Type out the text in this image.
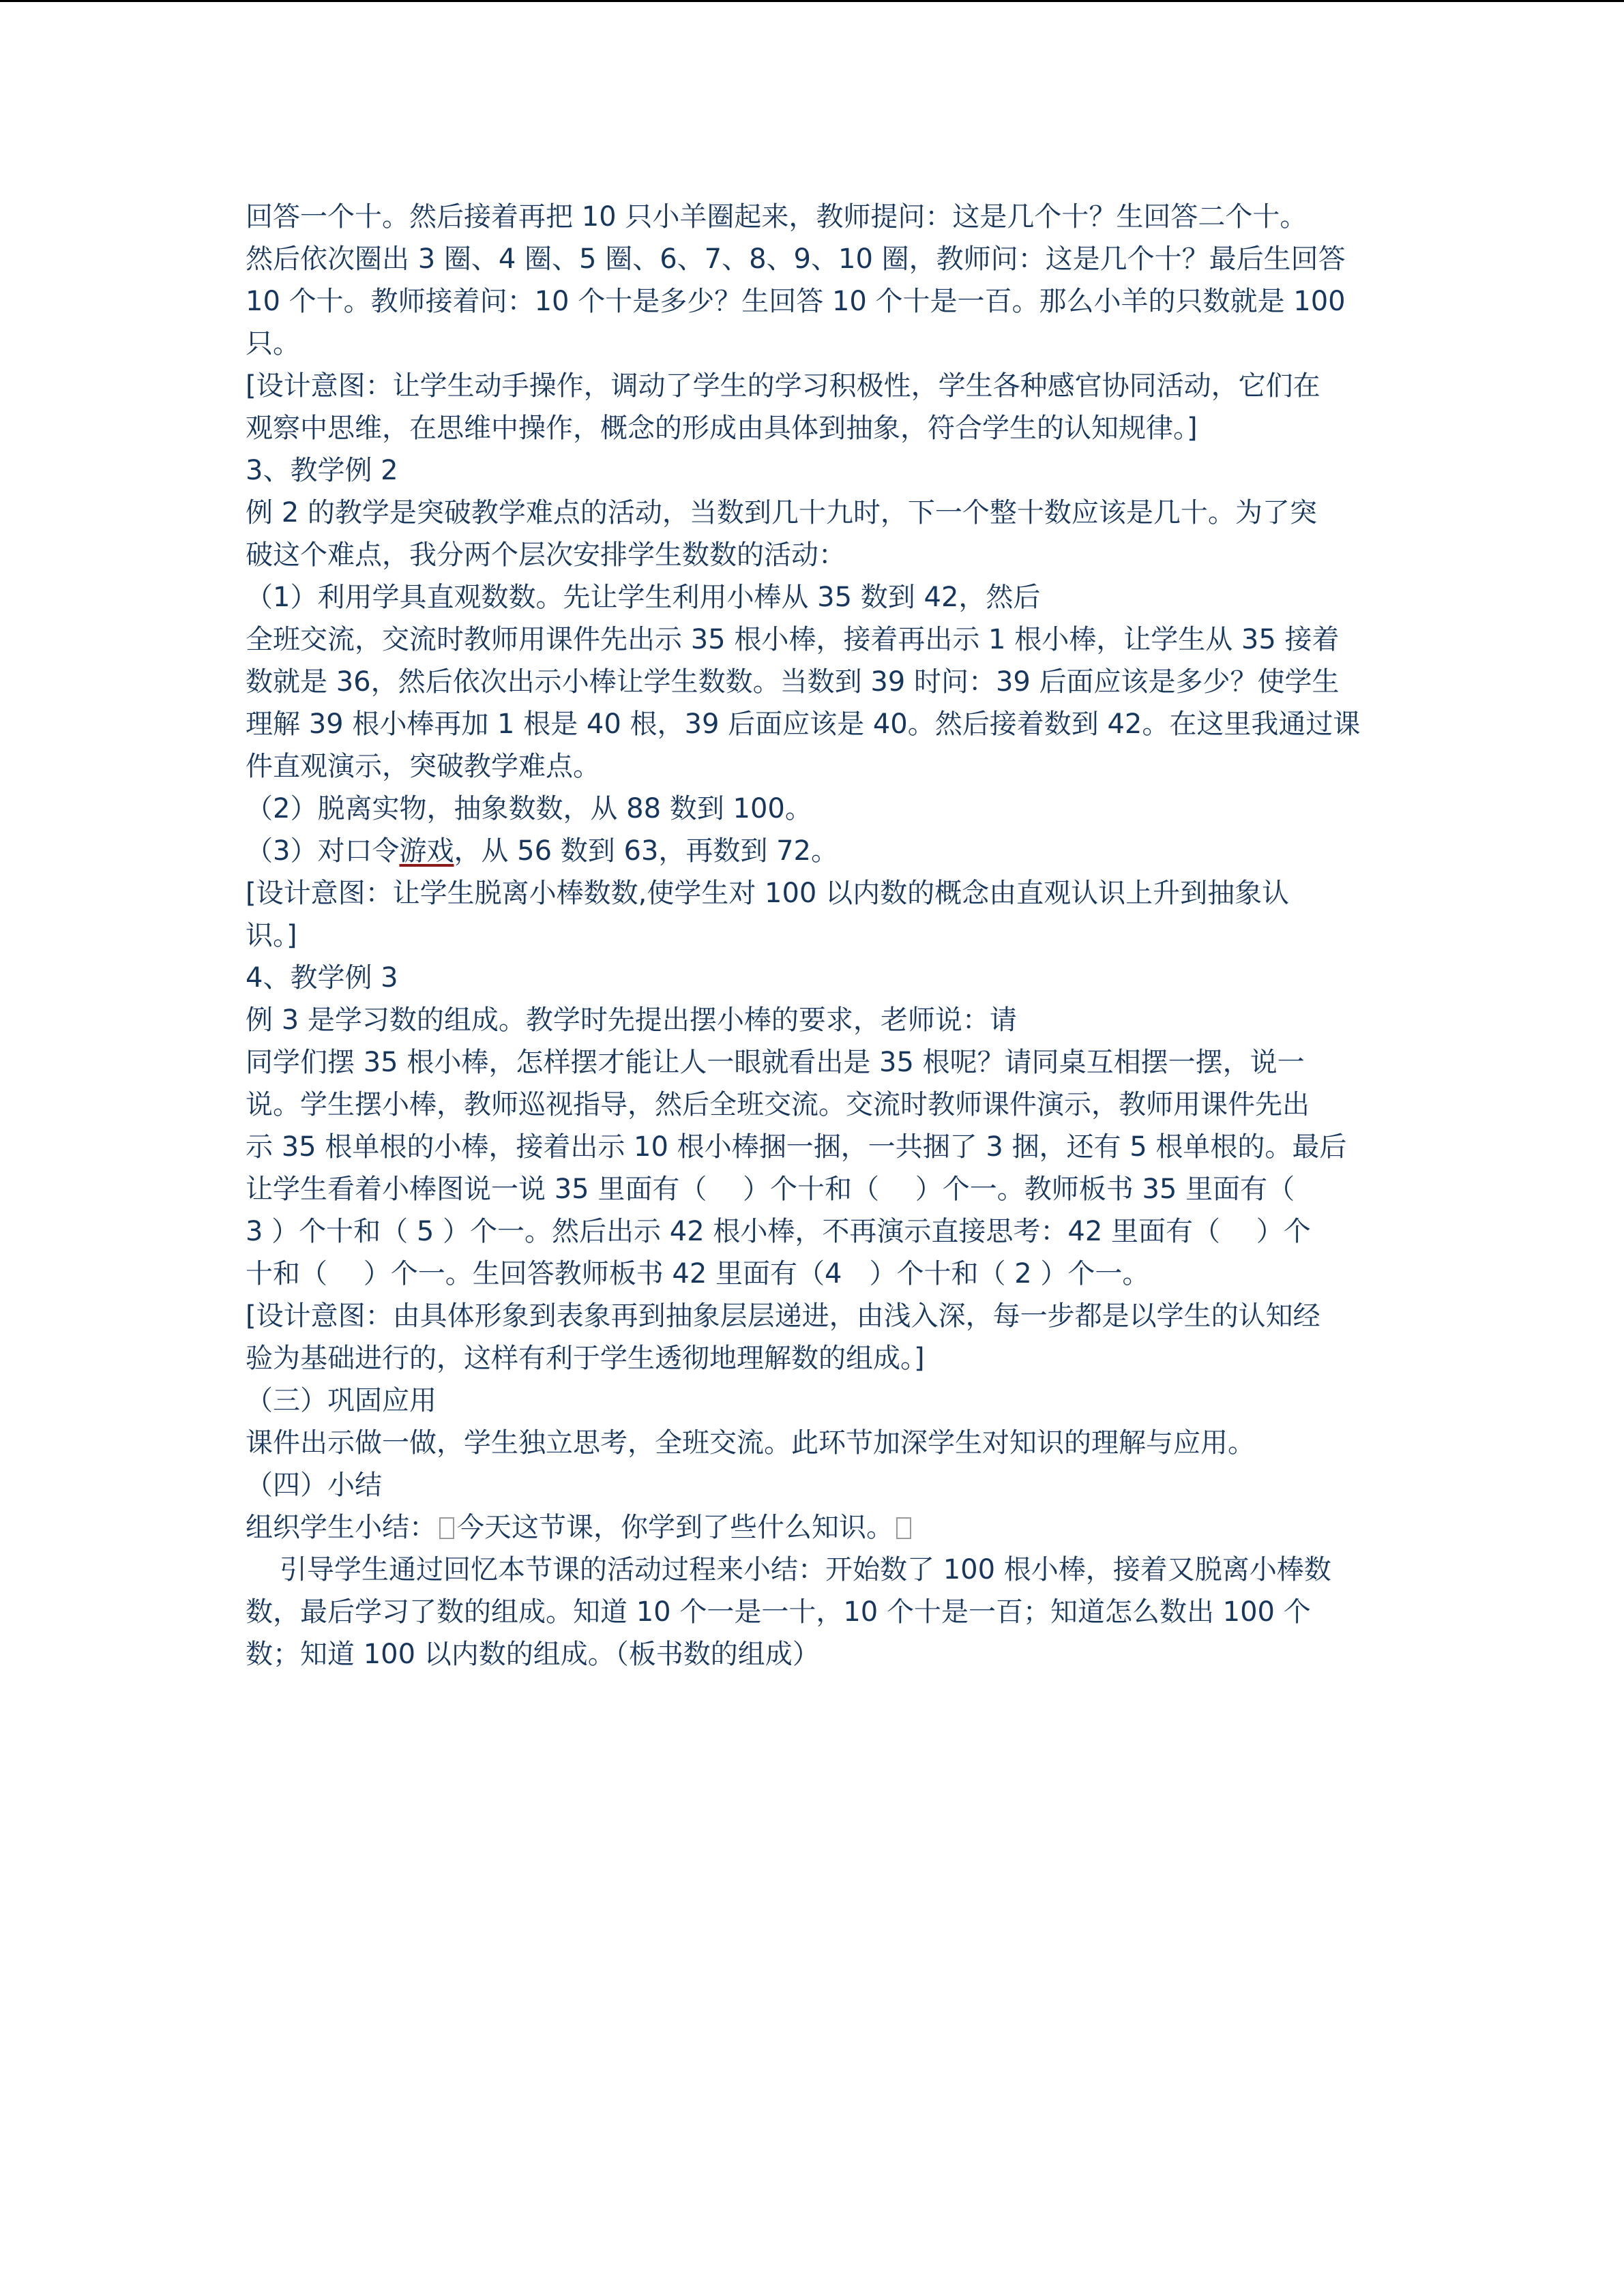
回答一个十。然后接着再把 10 只小羊圈起来，教师提问：这是几个十？生回答二个十。
然后依次圈出 3 圈、4 圈、5 圈、6、7、8、9、10 圈，教师问：这是几个十？最后生回答
10 个十。教师接着问：10 个十是多少？生回答 10 个十是一百。那么小羊的只数就是 100
只。
[设计意图：让学生动手操作，调动了学生的学习积极性，学生各种感官协同活动，它们在
观察中思维，在思维中操作，概念的形成由具体到抽象，符合学生的认知规律。]
3、教学例 2
例 2 的教学是突破教学难点的活动，当数到几十九时，下一个整十数应该是几十。为了突
破这个难点，我分两个层次安排学生数数的活动：
（1）利用学具直观数数。先让学生利用小棒从 35 数到 42，然后
全班交流，交流时教师用课件先出示 35 根小棒，接着再出示 1 根小棒，让学生从 35 接着
数就是 36，然后依次出示小棒让学生数数。当数到 39 时问：39 后面应该是多少？使学生
理解 39 根小棒再加 1 根是 40 根，39 后面应该是 40。然后接着数到 42。在这里我通过课
件直观演示，突破教学难点。
（2）脱离实物，抽象数数，从 88 数到 100。
（3）对口令游戏，从 56 数到 63，再数到 72。
[设计意图：让学生脱离小棒数数,使学生对 100 以内数的概念由直观认识上升到抽象认
识。]
4、教学例 3
例 3 是学习数的组成。教学时先提出摆小棒的要求，老师说：请
同学们摆 35 根小棒，怎样摆才能让人一眼就看出是 35 根呢？请同桌互相摆一摆，说一
说。学生摆小棒，教师巡视指导，然后全班交流。交流时教师课件演示，教师用课件先出
示 35 根单根的小棒，接着出示 10 根小棒捆一捆，一共捆了 3 捆，还有 5 根单根的。最后
让学生看着小棒图说一说 35 里面有（　 ）个十和（　 ）个一。教师板书 35 里面有（
3 ）个十和（ 5 ）个一。然后出示 42 根小棒，不再演示直接思考：42 里面有（　 ）个
十和（　 ）个一。生回答教师板书 42 里面有（4　）个十和（ 2 ）个一。
[设计意图：由具体形象到表象再到抽象层层递进，由浅入深，每一步都是以学生的认知经
验为基础进行的，这样有利于学生透彻地理解数的组成。]
（三）巩固应用
课件出示做一做，学生独立思考，全班交流。此环节加深学生对知识的理解与应用。
（四）小结
组织学生小结： 今天这节课，你学到了些什么知识。
引导学生通过回忆本节课的活动过程来小结：开始数了 100 根小棒，接着又脱离小棒数
数，最后学习了数的组成。知道 10 个一是一十，10 个十是一百；知道怎么数出 100 个
数；知道 100 以内数的组成。（板书数的组成）
